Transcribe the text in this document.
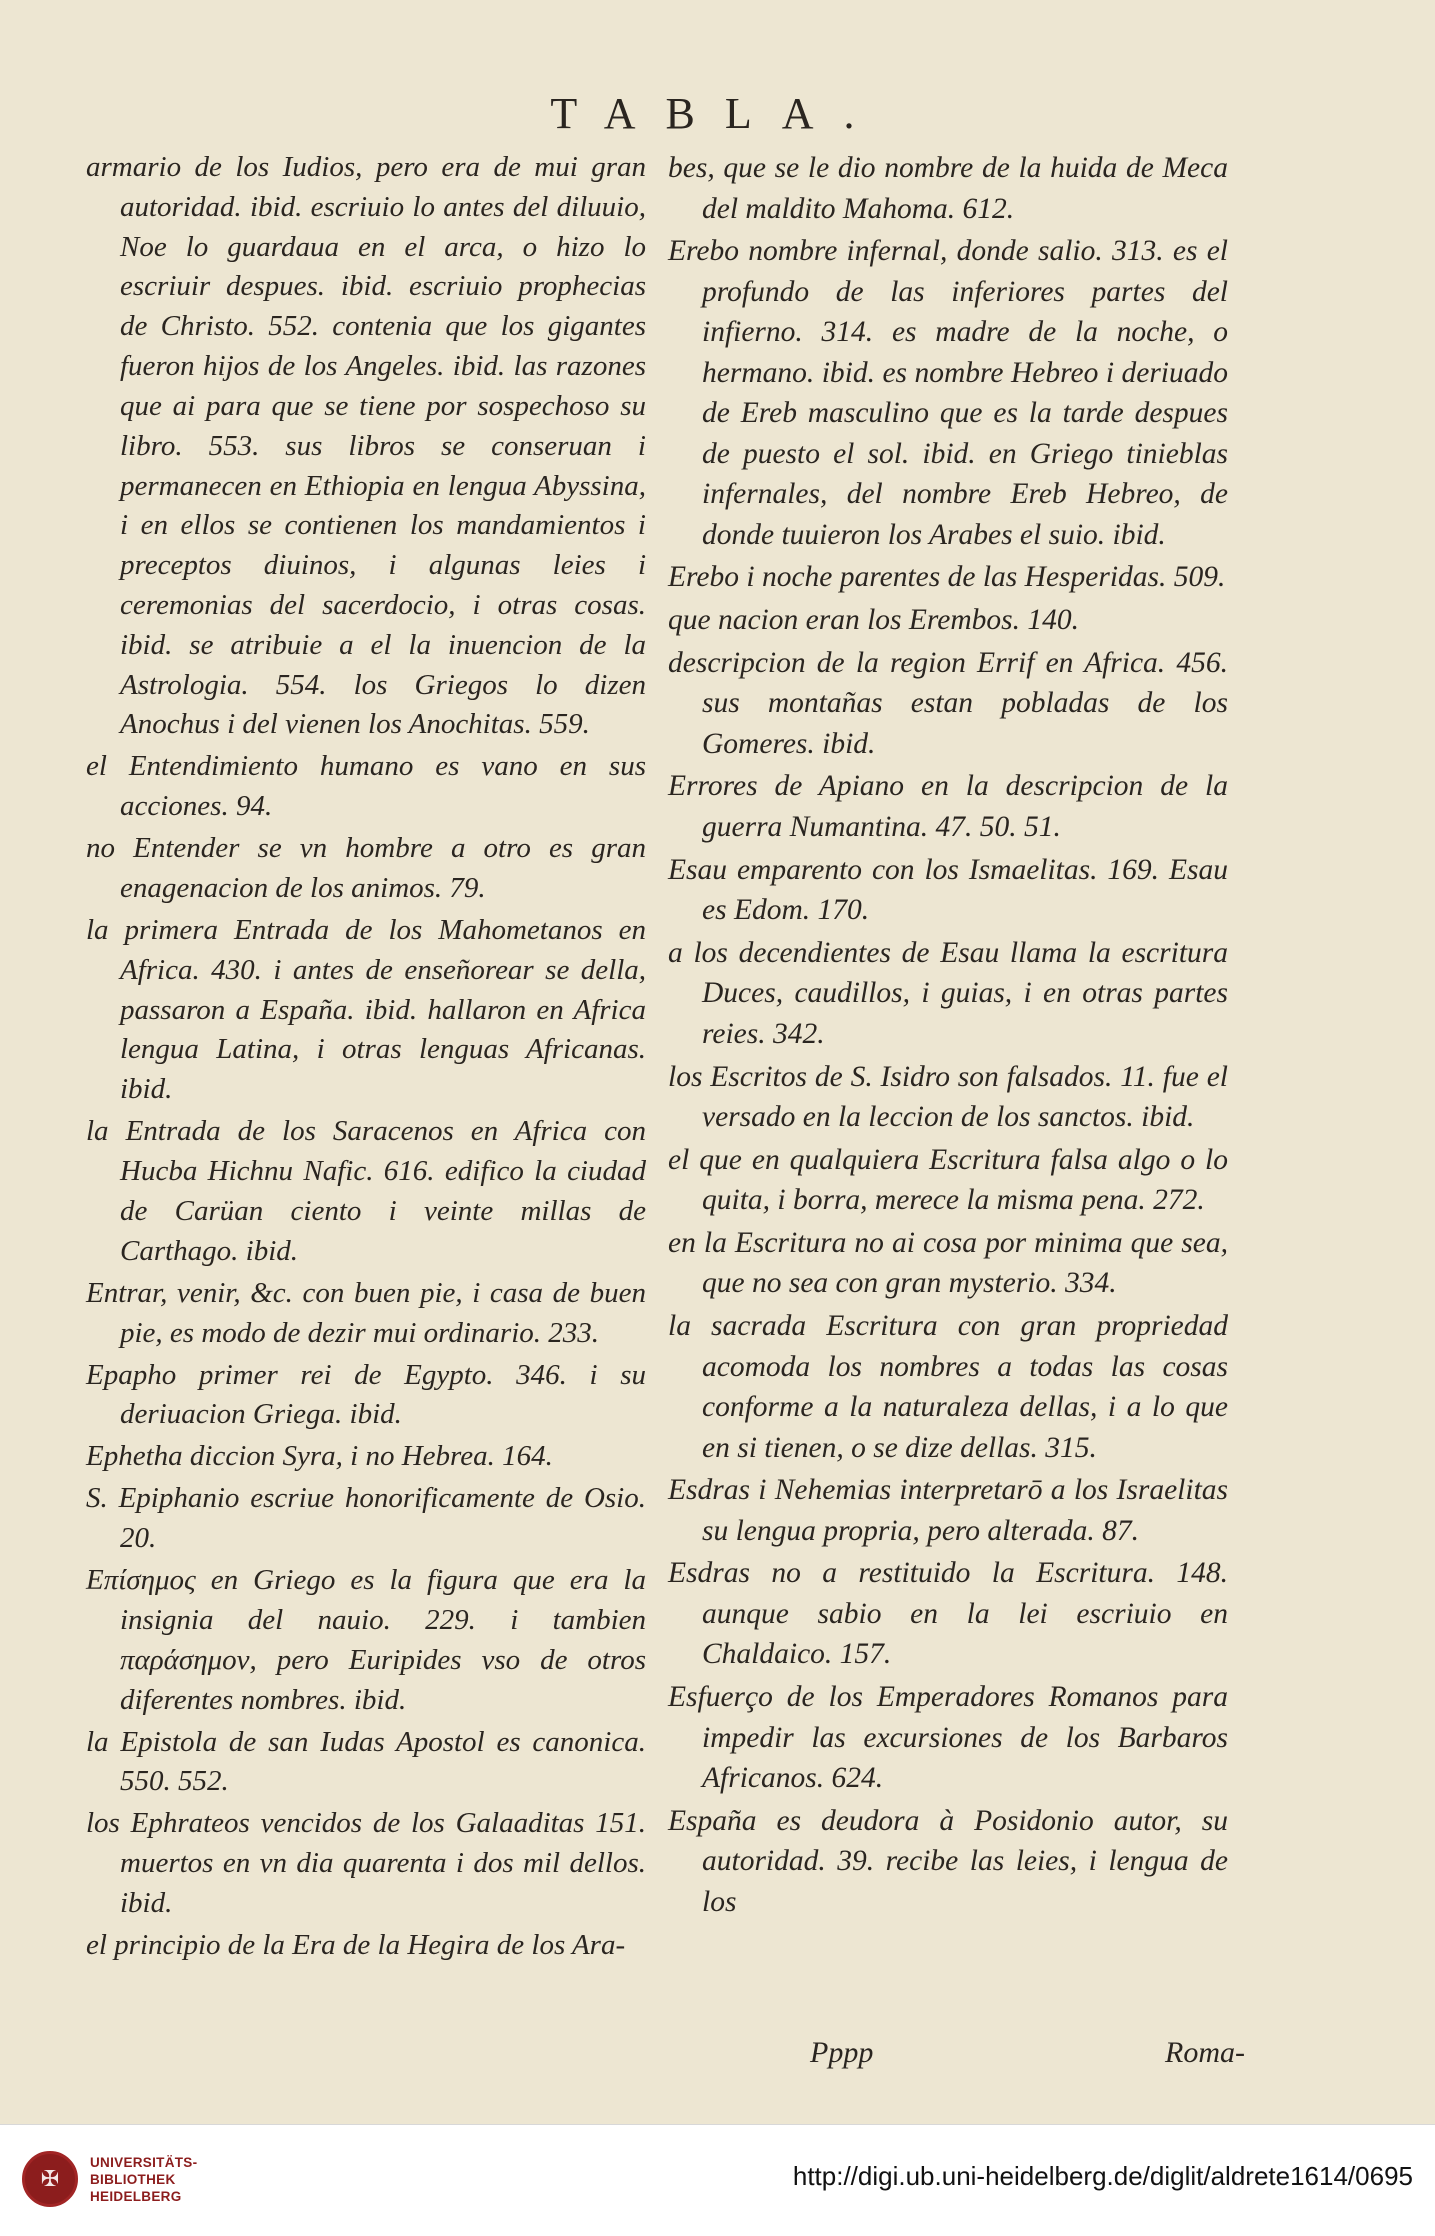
TABLA.

armario de los Iudios, pero era de mui gran autoridad. ibid. escriuio lo antes del diluuio, Noe lo guardaua en el arca, o hizo lo escriuir despues. ibid. escriuio prophecias de Christo. 552. contenia que los gigantes fueron hijos de los Angeles. ibid. las razones que ai para que se tiene por sospechoso su libro. 553. sus libros se conseruan i permanecen en Ethiopia en lengua Abyssina, i en ellos se contienen los mandamientos i preceptos diuinos, i algunas leies i ceremonias del sacerdocio, i otras cosas. ibid. se atribuie a el la inuencion de la Astrologia. 554. los Griegos lo dizen Anochus i del vienen los Anochitas. 559.

el Entendimiento humano es vano en sus acciones. 94.

no Entender se vn hombre a otro es gran enagenacion de los animos. 79.

la primera Entrada de los Mahometanos en Africa. 430. i antes de enseñorear se della, passaron a España. ibid. hallaron en Africa lengua Latina, i otras lenguas Africanas. ibid.

la Entrada de los Saracenos en Africa con Hucba Hichnu Nafic. 616. edifico la ciudad de Carüan ciento i veinte millas de Carthago. ibid.

Entrar, venir, &c. con buen pie, i casa de buen pie, es modo de dezir mui ordinario. 233.

Epapho primer rei de Egypto. 346. i su deriuacion Griega. ibid.

Ephetha diccion Syra, i no Hebrea. 164.

S. Epiphanio escriue honorificamente de Osio. 20.

Επίσημος en Griego es la figura que era la insignia del nauio. 229. i tambien παράσημον, pero Euripides vso de otros diferentes nombres. ibid.

la Epistola de san Iudas Apostol es canonica. 550. 552.

los Ephrateos vencidos de los Galaaditas 151. muertos en vn dia quarenta i dos mil dellos. ibid.

el principio de la Era de la Hegira de los Ara-

bes, que se le dio nombre de la huida de Meca del maldito Mahoma. 612.

Erebo nombre infernal, donde salio. 313. es el profundo de las inferiores partes del infierno. 314. es madre de la noche, o hermano. ibid. es nombre Hebreo i deriuado de Ereb masculino que es la tarde despues de puesto el sol. ibid. en Griego tinieblas infernales, del nombre Ereb Hebreo, de donde tuuieron los Arabes el suio. ibid.

Erebo i noche parentes de las Hesperidas. 509.

que nacion eran los Erembos. 140.

descripcion de la region Errif en Africa. 456. sus montañas estan pobladas de los Gomeres. ibid.

Errores de Apiano en la descripcion de la guerra Numantina. 47. 50. 51.

Esau emparento con los Ismaelitas. 169. Esau es Edom. 170.

a los decendientes de Esau llama la escritura Duces, caudillos, i guias, i en otras partes reies. 342.

los Escritos de S. Isidro son falsados. 11. fue el versado en la leccion de los sanctos. ibid.

el que en qualquiera Escritura falsa algo o lo quita, i borra, merece la misma pena. 272.

en la Escritura no ai cosa por minima que sea, que no sea con gran mysterio. 334.

la sacrada Escritura con gran propriedad acomoda los nombres a todas las cosas conforme a la naturaleza dellas, i a lo que en si tienen, o se dize dellas. 315.

Esdras i Nehemias interpretarō a los Israelitas su lengua propria, pero alterada. 87.

Esdras no a restituido la Escritura. 148. aunque sabio en la lei escriuio en Chaldaico. 157.

Esfuerço de los Emperadores Romanos para impedir las excursiones de los Barbaros Africanos. 624.

España es deudora à Posidonio autor, su autoridad. 39. recibe las leies, i lengua de los

Pppp	Roma-
✠
UNIVERSITÄTS-
BIBLIOTHEK
HEIDELBERG
http://digi.ub.uni-heidelberg.de/diglit/aldrete1614/0695
